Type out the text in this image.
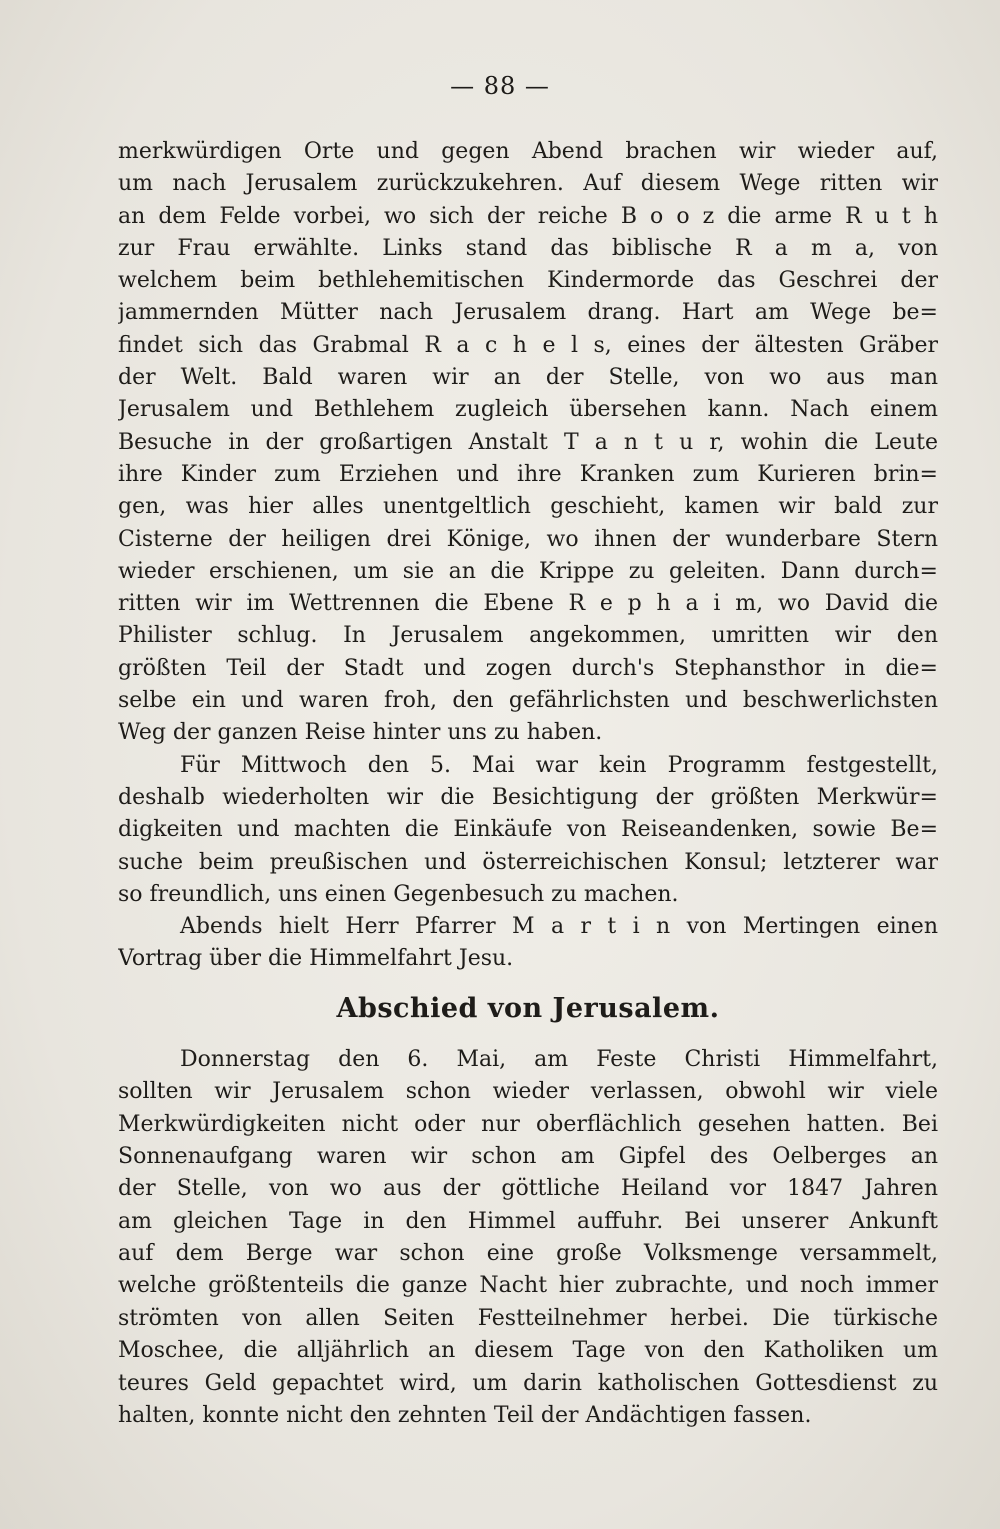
— 88 —
merkwürdigen Orte und gegen Abend brachen wir wieder auf,
um nach Jerusalem zurückzukehren. Auf diesem Wege ritten wir
an dem Felde vorbei, wo sich der reiche B o o z die arme R u t h
zur Frau erwählte. Links stand das biblische R a m a, von
welchem beim bethlehemitischen Kindermorde das Geschrei der
jammernden Mütter nach Jerusalem drang. Hart am Wege be=
findet sich das Grabmal R a c h e l s, eines der ältesten Gräber
der Welt. Bald waren wir an der Stelle, von wo aus man
Jerusalem und Bethlehem zugleich übersehen kann. Nach einem
Besuche in der großartigen Anstalt T a n t u r, wohin die Leute
ihre Kinder zum Erziehen und ihre Kranken zum Kurieren brin=
gen, was hier alles unentgeltlich geschieht, kamen wir bald zur
Cisterne der heiligen drei Könige, wo ihnen der wunderbare Stern
wieder erschienen, um sie an die Krippe zu geleiten. Dann durch=
ritten wir im Wettrennen die Ebene R e p h a i m, wo David die
Philister schlug. In Jerusalem angekommen, umritten wir den
größten Teil der Stadt und zogen durch's Stephansthor in die=
selbe ein und waren froh, den gefährlichsten und beschwerlichsten
Weg der ganzen Reise hinter uns zu haben.
Für Mittwoch den 5. Mai war kein Programm festgestellt,
deshalb wiederholten wir die Besichtigung der größten Merkwür=
digkeiten und machten die Einkäufe von Reiseandenken, sowie Be=
suche beim preußischen und österreichischen Konsul; letzterer war
so freundlich, uns einen Gegenbesuch zu machen.
Abends hielt Herr Pfarrer M a r t i n von Mertingen einen
Vortrag über die Himmelfahrt Jesu.
Abschied von Jerusalem.
Donnerstag den 6. Mai, am Feste Christi Himmelfahrt,
sollten wir Jerusalem schon wieder verlassen, obwohl wir viele
Merkwürdigkeiten nicht oder nur oberflächlich gesehen hatten. Bei
Sonnenaufgang waren wir schon am Gipfel des Oelberges an
der Stelle, von wo aus der göttliche Heiland vor 1847 Jahren
am gleichen Tage in den Himmel auffuhr. Bei unserer Ankunft
auf dem Berge war schon eine große Volksmenge versammelt,
welche größtenteils die ganze Nacht hier zubrachte, und noch immer
strömten von allen Seiten Festteilnehmer herbei. Die türkische
Moschee, die alljährlich an diesem Tage von den Katholiken um
teures Geld gepachtet wird, um darin katholischen Gottesdienst zu
halten, konnte nicht den zehnten Teil der Andächtigen fassen.
